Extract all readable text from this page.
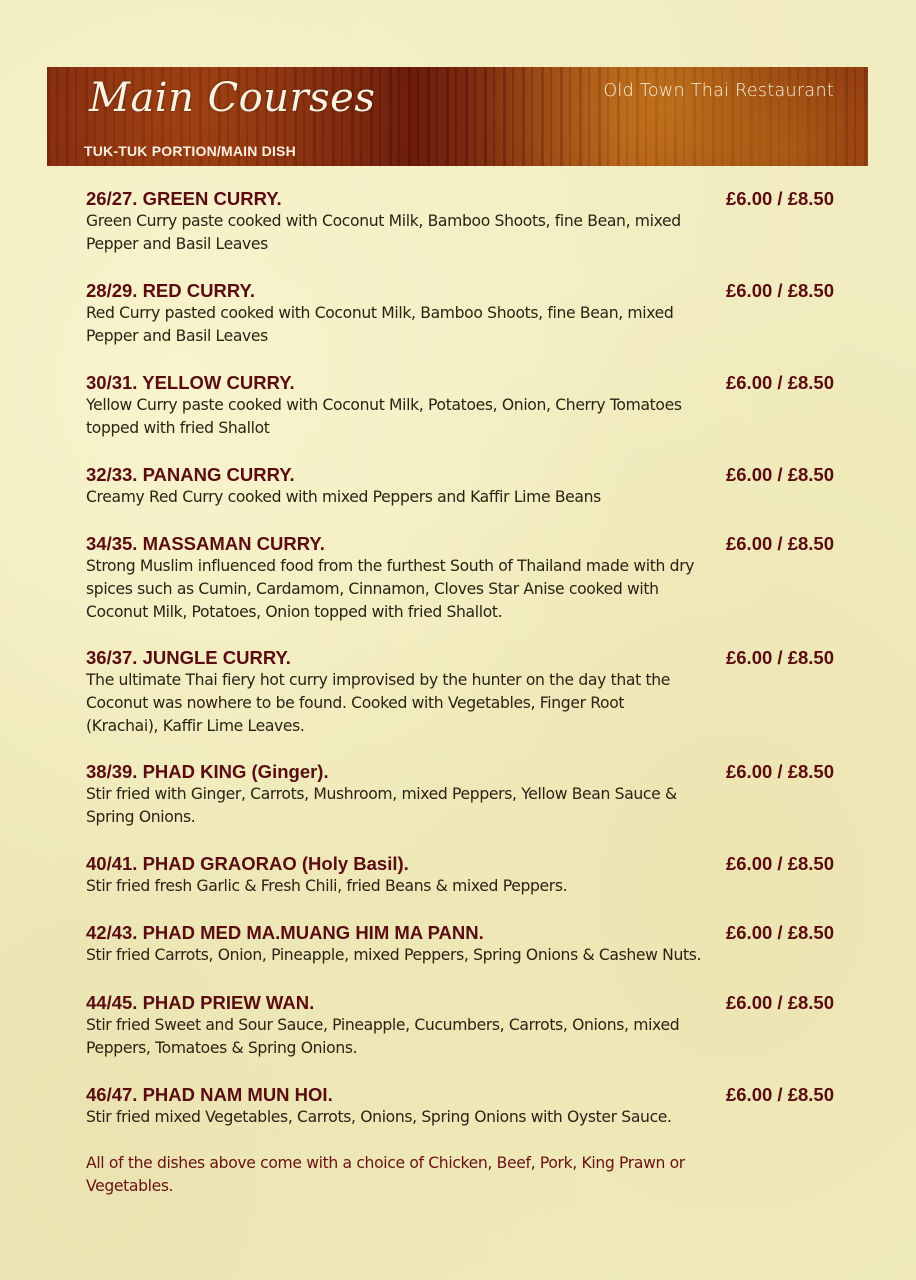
Main Courses
TUK-TUK PORTION/MAIN DISH
Old Town Thai Restaurant
26/27. GREEN CURRY.	£6.00 / £8.50
Green Curry paste cooked with Coconut Milk, Bamboo Shoots, fine Bean, mixed
Pepper and Basil Leaves
28/29. RED CURRY.	£6.00 / £8.50
Red Curry pasted cooked with Coconut Milk, Bamboo Shoots, fine Bean, mixed
Pepper and Basil Leaves
30/31. YELLOW CURRY.	£6.00 / £8.50
Yellow Curry paste cooked with Coconut Milk, Potatoes, Onion, Cherry Tomatoes
topped with fried Shallot
32/33. PANANG CURRY.	£6.00 / £8.50
Creamy Red Curry cooked with mixed Peppers and Kaffir Lime Beans
34/35. MASSAMAN CURRY.	£6.00 / £8.50
Strong Muslim influenced food from the furthest South of Thailand made with dry
spices such as Cumin, Cardamom, Cinnamon, Cloves Star Anise cooked with
Coconut Milk, Potatoes, Onion topped with fried Shallot.
36/37. JUNGLE CURRY.	£6.00 / £8.50
The ultimate Thai fiery hot curry improvised by the hunter on the day that the
Coconut was nowhere to be found. Cooked with Vegetables, Finger Root
(Krachai), Kaffir Lime Leaves.
38/39. PHAD KING (Ginger).	£6.00 / £8.50
Stir fried with Ginger, Carrots, Mushroom, mixed Peppers, Yellow Bean Sauce &
Spring Onions.
40/41. PHAD GRAORAO (Holy Basil).	£6.00 / £8.50
Stir fried fresh Garlic & Fresh Chili, fried Beans & mixed Peppers.
42/43. PHAD MED MA.MUANG HIM MA PANN.	£6.00 / £8.50
Stir fried Carrots, Onion, Pineapple, mixed Peppers, Spring Onions & Cashew Nuts.
44/45. PHAD PRIEW WAN.	£6.00 / £8.50
Stir fried Sweet and Sour Sauce, Pineapple, Cucumbers, Carrots, Onions, mixed
Peppers, Tomatoes & Spring Onions.
46/47. PHAD NAM MUN HOI.	£6.00 / £8.50
Stir fried mixed Vegetables, Carrots, Onions, Spring Onions with Oyster Sauce.
All of the dishes above come with a choice of Chicken, Beef, Pork, King Prawn or
Vegetables.
